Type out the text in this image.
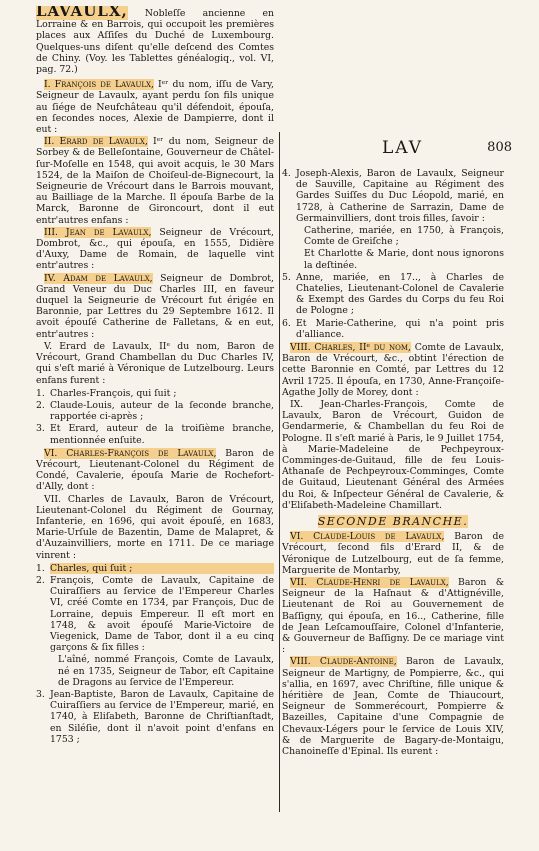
LAVAULX, Nobleſſe ancienne en Lorraine & en Barrois, qui occupoit les premières places aux Aſſiſes du Duché de Luxembourg. Quelques-uns diſent qu'elle deſcend des Comtes de Chiny. (Voy. les Tablettes généalogiq., vol. VI, pag. 72.)

I. François de Lavaulx, Iᵉʳ du nom, iſſu de Vary, Seigneur de Lavaulx, ayant perdu ſon fils unique au ſiége de Neufchâteau qu'il défendoit, épouſa, en ſecondes noces, Alexie de Dampierre, dont il eut :

II. Erard de Lavaulx, Iᵉʳ du nom, Seigneur de Sorbey & de Belleſontaine, Gouverneur de Châtel-ſur-Moſelle en 1548, qui avoit acquis, le 30 Mars 1524, de la Maiſon de Choiſeul-de-Bignecourt, la Seigneurie de Vrécourt dans le Barrois mouvant, au Bailliage de la Marche. Il épouſa Barbe de la Marck, Baronne de Gironcourt, dont il eut entr'autres enfans :

III. Jean de Lavaulx, Seigneur de Vrécourt, Dombrot, &c., qui épouſa, en 1555, Didière d'Auxy, Dame de Romain, de laquelle vint entr'autres :

IV. Adam de Lavaulx, Seigneur de Dombrot, Grand Veneur du Duc Charles III, en faveur duquel la Seigneurie de Vrécourt fut érigée en Baronnie, par Lettres du 29 Septembre 1612. Il avoit épouſé Catherine de Falletans, & en eut, entr'autres :

V. Erard de Lavaulx, IIᵉ du nom, Baron de Vrécourt, Grand Chambellan du Duc Charles IV, qui s'eſt marié à Véronique de Lutzelbourg. Leurs enfans furent :

1. Charles-François, qui ſuit ;
2. Claude-Louis, auteur de la ſeconde branche, rapportée ci-après ;
3. Et Erard, auteur de la troiſième branche, mentionnée enſuite.

VI. Charles-François de Lavaulx, Baron de Vrécourt, Lieutenant-Colonel du Régiment de Condé, Cavalerie, épouſa Marie de Rochefort-d'Ally, dont :

VII. Charles de Lavaulx, Baron de Vrécourt, Lieutenant-Colonel du Régiment de Gournay, Infanterie, en 1696, qui avoit épouſé, en 1683, Marie-Urſule de Bazentin, Dame de Malapret, & d'Auzainvilliers, morte en 1711. De ce mariage vinrent :

1. Charles, qui ſuit ;
2. François, Comte de Lavaulx, Capitaine de Cuiraſſiers au ſervice de l'Empereur Charles VI, créé Comte en 1734, par François, Duc de Lorraine, depuis Empereur. Il eſt mort en 1748, & avoit épouſé Marie-Victoire de Viegenick, Dame de Tabor, dont il a eu cinq garçons & ſix filles :
L'aîné, nommé François, Comte de Lavaulx, né en 1735, Seigneur de Tabor, eſt Capitaine de Dragons au ſervice de l'Empereur.
3. Jean-Baptiste, Baron de Lavaulx, Capitaine de Cuiraſſiers au ſervice de l'Empereur, marié, en 1740, à Eliſabeth, Baronne de Chriſtianſtadt, en Siléſie, dont il n'avoit point d'enfans en 1753 ;
LAV	808
4. Joseph-Alexis, Baron de Lavaulx, Seigneur de Sauville, Capitaine au Régiment des Gardes Suiſſes du Duc Léopold, marié, en 1728, à Catherine de Sarrazin, Dame de Germainvilliers, dont trois filles, ſavoir :
Catherine, mariée, en 1750, à François, Comte de Greiſche ;
Et Charlotte & Marie, dont nous ignorons la deſtinée.
5. Anne, mariée, en 17.., à Charles de Chatelies, Lieutenant-Colonel de Cavalerie & Exempt des Gardes du Corps du feu Roi de Pologne ;
6. Et Marie-Catherine, qui n'a point pris d'alliance.

VIII. Charles, IIᵉ du nom, Comte de Lavaulx, Baron de Vrécourt, &c., obtint l'érection de cette Baronnie en Comté, par Lettres du 12 Avril 1725. Il épouſa, en 1730, Anne-Françoiſe-Agathe Jolly de Morey, dont :

IX. Jean-Charles-François, Comte de Lavaulx, Baron de Vrécourt, Guidon de Gendarmerie, & Chambellan du feu Roi de Pologne. Il s'eſt marié à Paris, le 9 Juillet 1754, à Marie-Madeleine de Pechpeyroux-Comminges-de-Guitaud, fille de feu Louis-Athanaſe de Pechpeyroux-Comminges, Comte de Guitaud, Lieutenant Général des Armées du Roi, & Inſpecteur Général de Cavalerie, & d'Eliſabeth-Madeleine Chamillart.

SECONDE BRANCHE.

VI. Claude-Louis de Lavaulx, Baron de Vrécourt, ſecond fils d'Erard II, & de Véronique de Lutzelbourg, eut de ſa femme, Marguerite de Montarby,

VII. Claude-Henri de Lavaulx, Baron & Seigneur de la Haſnaut & d'Attignéville, Lieutenant de Roi au Gouvernement de Baſſigny, qui épouſa, en 16.., Catherine, fille de Jean Leſcamouſſaire, Colonel d'Infanterie, & Gouverneur de Baſſigny. De ce mariage vint :

VIII. Claude-Antoine, Baron de Lavaulx, Seigneur de Martigny, de Pompierre, &c., qui s'allia, en 1697, avec Chriſtine, fille unique & héritière de Jean, Comte de Thiaucourt, Seigneur de Sommerécourt, Pompierre & Bazeilles, Capitaine d'une Compagnie de Chevaux-Légers pour le ſervice de Louis XIV, & de Marguerite de Bagary-de-Montaigu, Chanoineſſe d'Epinal. Ils eurent :
